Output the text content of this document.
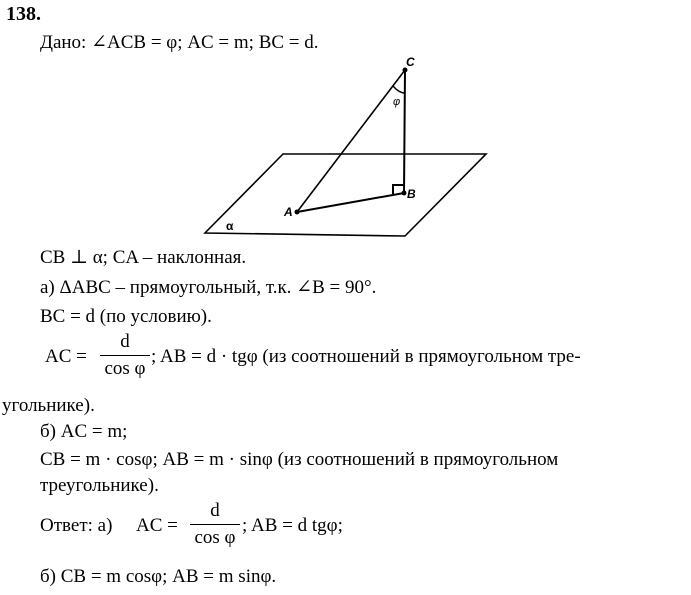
138.
Дано: ∠ACB = φ; AC = m; BC = d.
C
B
A
α
φ
CB ⊥ α; CA – наклонная.
а) ΔABC – прямоугольный, т.к. ∠B = 90°.
BC = d (по условию).
AC =
d
cos φ
; AB = d · tgφ (из соотношений в прямоугольном тре-
угольнике).
б) AC = m;
CB = m · cosφ; AB = m · sinφ (из соотношений в прямоугольном
треугольнике).
Ответ: а) AC =
d
cos φ
; AB = d tgφ;
б) CB = m cosφ; AB = m sinφ.
